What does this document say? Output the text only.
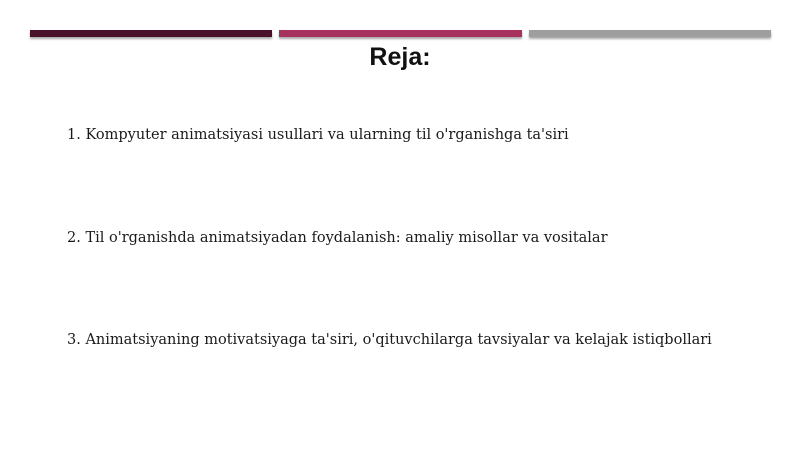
Reja:
1. Kompyuter animatsiyasi usullari va ularning til o'rganishga ta'siri
2. Til o'rganishda animatsiyadan foydalanish: amaliy misollar va vositalar
3. Animatsiyaning motivatsiyaga ta'siri, o'qituvchilarga tavsiyalar va kelajak istiqbollari
